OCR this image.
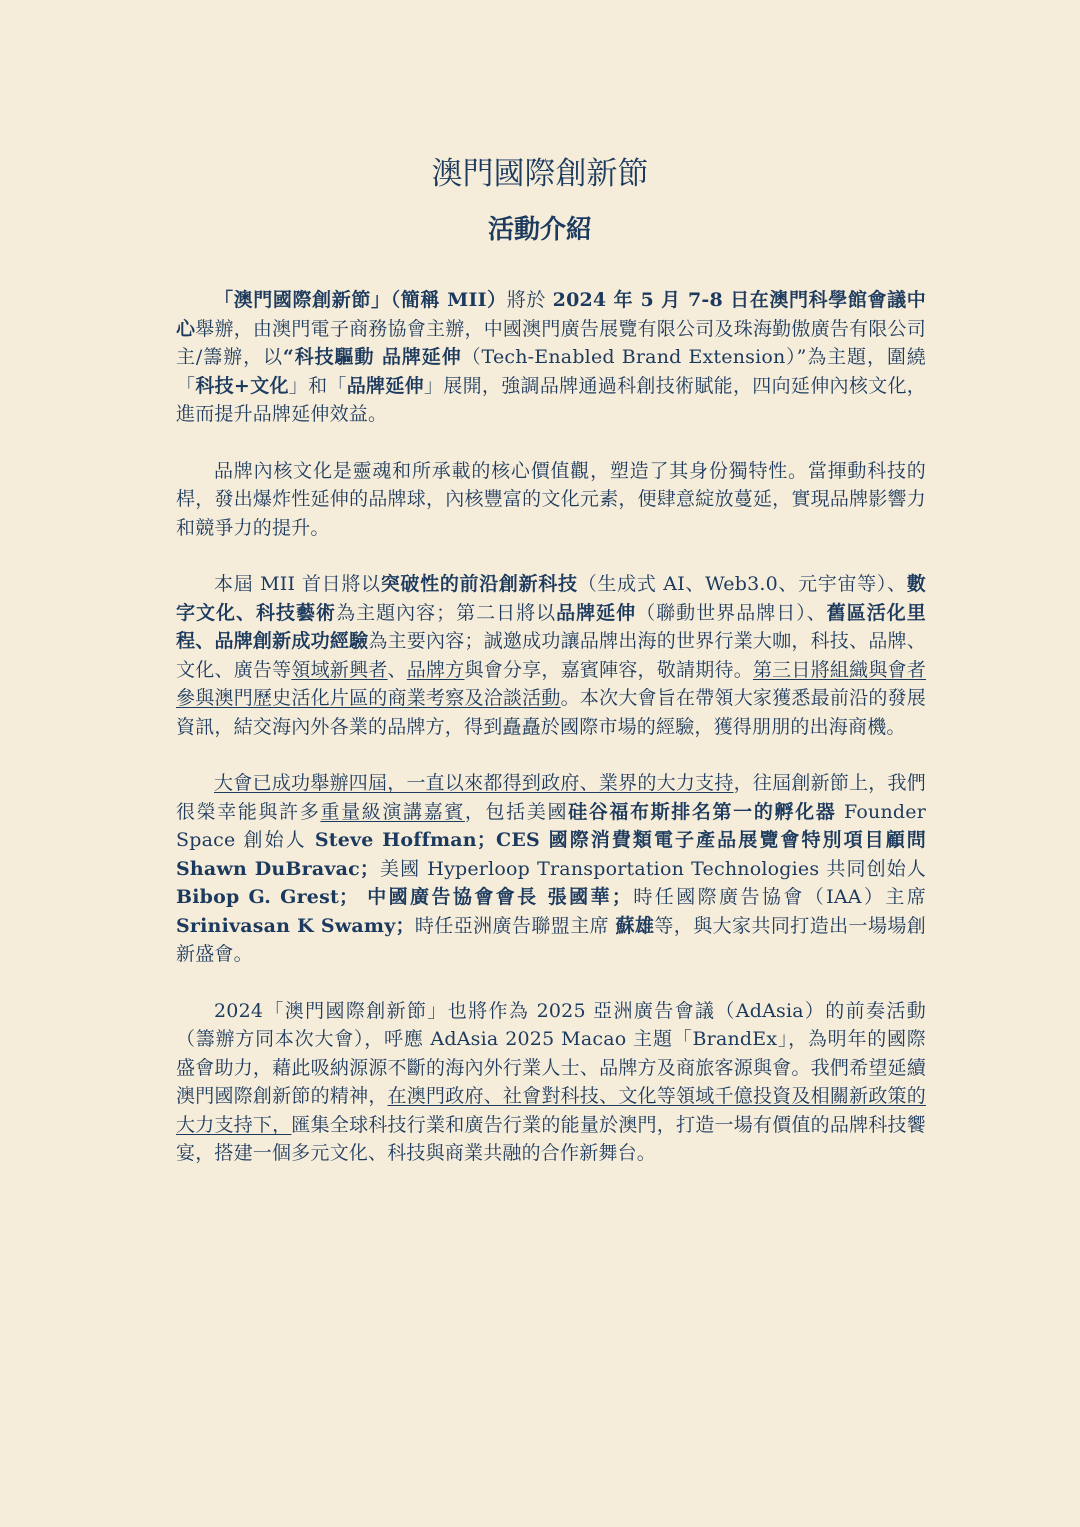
澳門國際創新節
活動介紹

「澳門國際創新節」（簡稱 MII）將於 2024 年 5 月 7-8 日在澳門科學館會議中心舉辦，由澳門電子商務協會主辦，中國澳門廣告展覽有限公司及珠海勤傲廣告有限公司主/籌辦，以“科技驅動 品牌延伸（Tech-Enabled Brand Extension）”為主題，圍繞「科技+文化」和「品牌延伸」展開，強調品牌通過科創技術賦能，四向延伸內核文化，進而提升品牌延伸效益。

品牌內核文化是靈魂和所承載的核心價值觀，塑造了其身份獨特性。當揮動科技的桿，發出爆炸性延伸的品牌球，內核豐富的文化元素，便肆意綻放蔓延，實現品牌影響力和競爭力的提升。

本屆 MII 首日將以突破性的前沿創新科技（生成式 AI、Web3.0、元宇宙等）、數字文化、科技藝術為主題內容；第二日將以品牌延伸（聯動世界品牌日）、舊區活化里程、品牌創新成功經驗為主要內容；誠邀成功讓品牌出海的世界行業大咖，科技、品牌、文化、廣告等領域新興者、品牌方與會分享，嘉賓陣容，敬請期待。第三日將組織與會者參與澳門歷史活化片區的商業考察及洽談活動。本次大會旨在帶領大家獲悉最前沿的發展資訊，結交海內外各業的品牌方，得到矗矗於國際市場的經驗，獲得朋朋的出海商機。

大會已成功舉辦四屆，一直以來都得到政府、業界的大力支持，往屆創新節上，我們很榮幸能與許多重量級演講嘉賓，包括美國硅谷福布斯排名第一的孵化器 Founder Space 創始人 Steve Hoffman；CES 國際消費類電子產品展覽會特別項目顧問 Shawn DuBravac；美國 Hyperloop Transportation Technologies 共同创始人 Bibop G. Grest； 中國廣告協會會長 張國華；時任國際廣告協會（IAA）主席 Srinivasan K Swamy；時任亞洲廣告聯盟主席 蘇雄等，與大家共同打造出一場場創新盛會。

2024「澳門國際創新節」也將作為 2025 亞洲廣告會議（AdAsia）的前奏活動（籌辦方同本次大會），呼應 AdAsia 2025 Macao 主題「BrandEx」，為明年的國際盛會助力，藉此吸納源源不斷的海內外行業人士、品牌方及商旅客源與會。我們希望延續澳門國際創新節的精神，在澳門政府、社會對科技、文化等領域千億投資及相關新政策的大力支持下，匯集全球科技行業和廣告行業的能量於澳門，打造一場有價值的品牌科技饗宴，搭建一個多元文化、科技與商業共融的合作新舞台。
